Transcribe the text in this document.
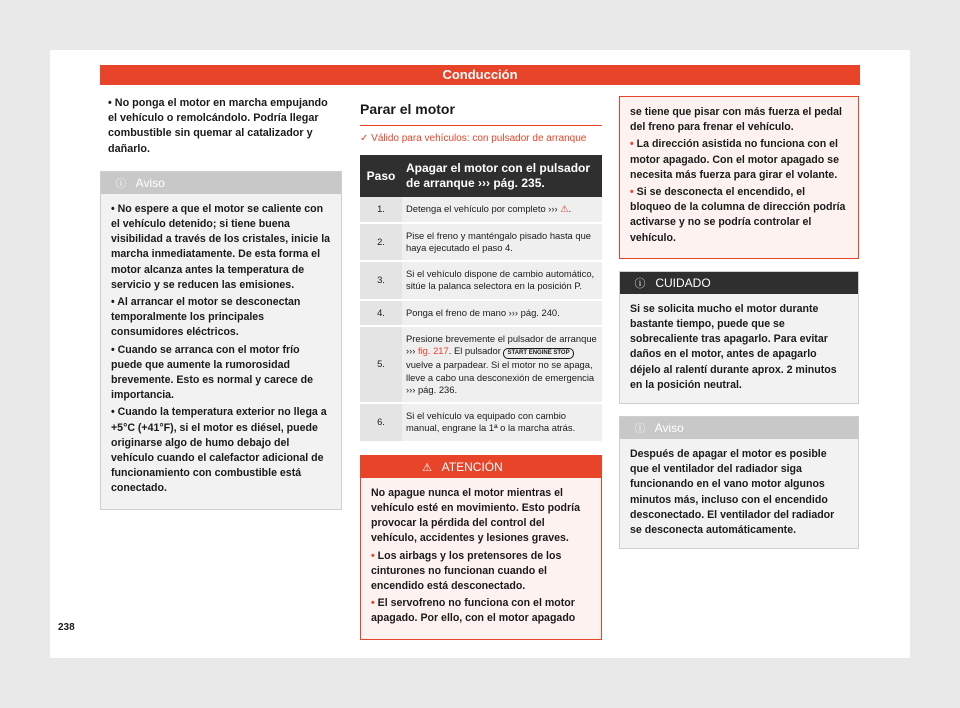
Conducción
• No ponga el motor en marcha empujando el vehículo o remolcándolo. Podría llegar combustible sin quemar al catalizador y dañarlo.
ⓘ Aviso
• No espere a que el motor se caliente con el vehículo detenido; si tiene buena visibilidad a través de los cristales, inicie la marcha inmediatamente. De esta forma el motor alcanza antes la temperatura de servicio y se reducen las emisiones.
• Al arrancar el motor se desconectan temporalmente los principales consumidores eléctricos.
• Cuando se arranca con el motor frío puede que aumente la rumorosidad brevemente. Esto es normal y carece de importancia.
• Cuando la temperatura exterior no llega a +5°C (+41°F), si el motor es diésel, puede originarse algo de humo debajo del vehículo cuando el calefactor adicional de funcionamiento con combustible está conectado.
Parar el motor
✓ Válido para vehículos: con pulsador de arranque
Paso	Apagar el motor con el pulsador de arranque ››› pág. 235.
1.	Detenga el vehículo por completo ››› ⚠.
2.	Pise el freno y manténgalo pisado hasta que haya ejecutado el paso 4.
3.	Si el vehículo dispone de cambio automático, sitúe la palanca selectora en la posición P.
4.	Ponga el freno de mano ››› pág. 240.
5.	Presione brevemente el pulsador de arranque ››› fig. 217. El pulsador START ENGINE STOP vuelve a parpadear. Si el motor no se apaga, lleve a cabo una desconexión de emergencia ››› pág. 236.
6.	Si el vehículo va equipado con cambio manual, engrane la 1ª o la marcha atrás.
⚠ ATENCIÓN
No apague nunca el motor mientras el vehículo esté en movimiento. Esto podría provocar la pérdida del control del vehículo, accidentes y lesiones graves.
• Los airbags y los pretensores de los cinturones no funcionan cuando el encendido está desconectado.
• El servofreno no funciona con el motor apagado. Por ello, con el motor apagado
se tiene que pisar con más fuerza el pedal del freno para frenar el vehículo.
• La dirección asistida no funciona con el motor apagado. Con el motor apagado se necesita más fuerza para girar el volante.
• Si se desconecta el encendido, el bloqueo de la columna de dirección podría activarse y no se podría controlar el vehículo.
ⓘ CUIDADO
Si se solicita mucho el motor durante bastante tiempo, puede que se sobrecaliente tras apagarlo. Para evitar daños en el motor, antes de apagarlo déjelo al ralentí durante aprox. 2 minutos en la posición neutral.
ⓘ Aviso
Después de apagar el motor es posible que el ventilador del radiador siga funcionando en el vano motor algunos minutos más, incluso con el encendido desconectado. El ventilador del radiador se desconecta automáticamente.
238
